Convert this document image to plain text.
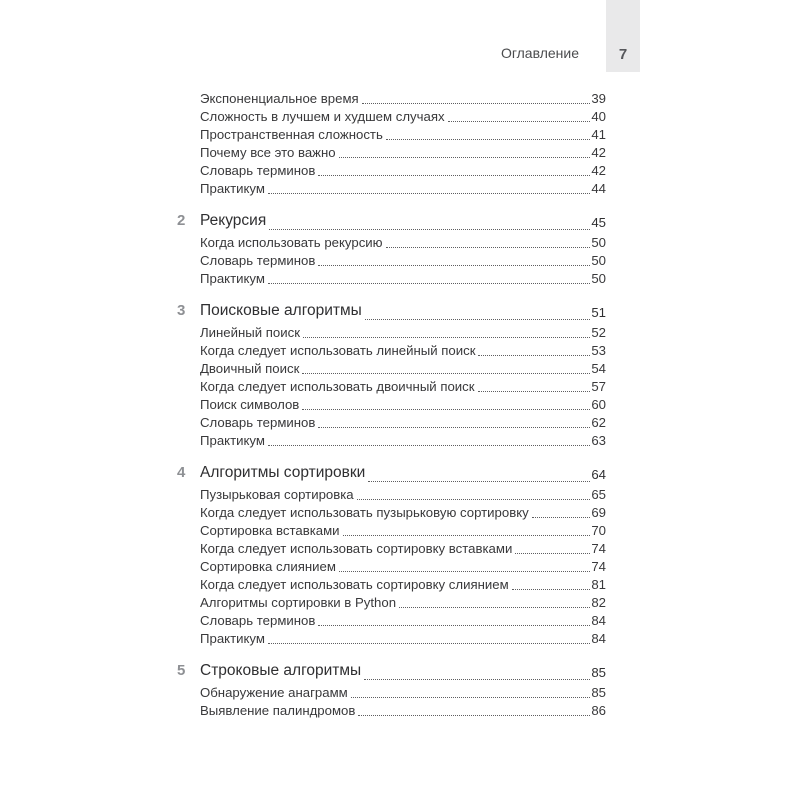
Оглавление	7
Экспоненциальное время	39
Сложность в лучшем и худшем случаях	40
Пространственная сложность	41
Почему все это важно	42
Словарь терминов	42
Практикум	44
2 Рекурсия	45
Когда использовать рекурсию	50
Словарь терминов	50
Практикум	50
3 Поисковые алгоритмы	51
Линейный поиск	52
Когда следует использовать линейный поиск	53
Двоичный поиск	54
Когда следует использовать двоичный поиск	57
Поиск символов	60
Словарь терминов	62
Практикум	63
4 Алгоритмы сортировки	64
Пузырьковая сортировка	65
Когда следует использовать пузырьковую сортировку	69
Сортировка вставками	70
Когда следует использовать сортировку вставками	74
Сортировка слиянием	74
Когда следует использовать сортировку слиянием	81
Алгоритмы сортировки в Python	82
Словарь терминов	84
Практикум	84
5 Строковые алгоритмы	85
Обнаружение анаграмм	85
Выявление палиндромов	86
